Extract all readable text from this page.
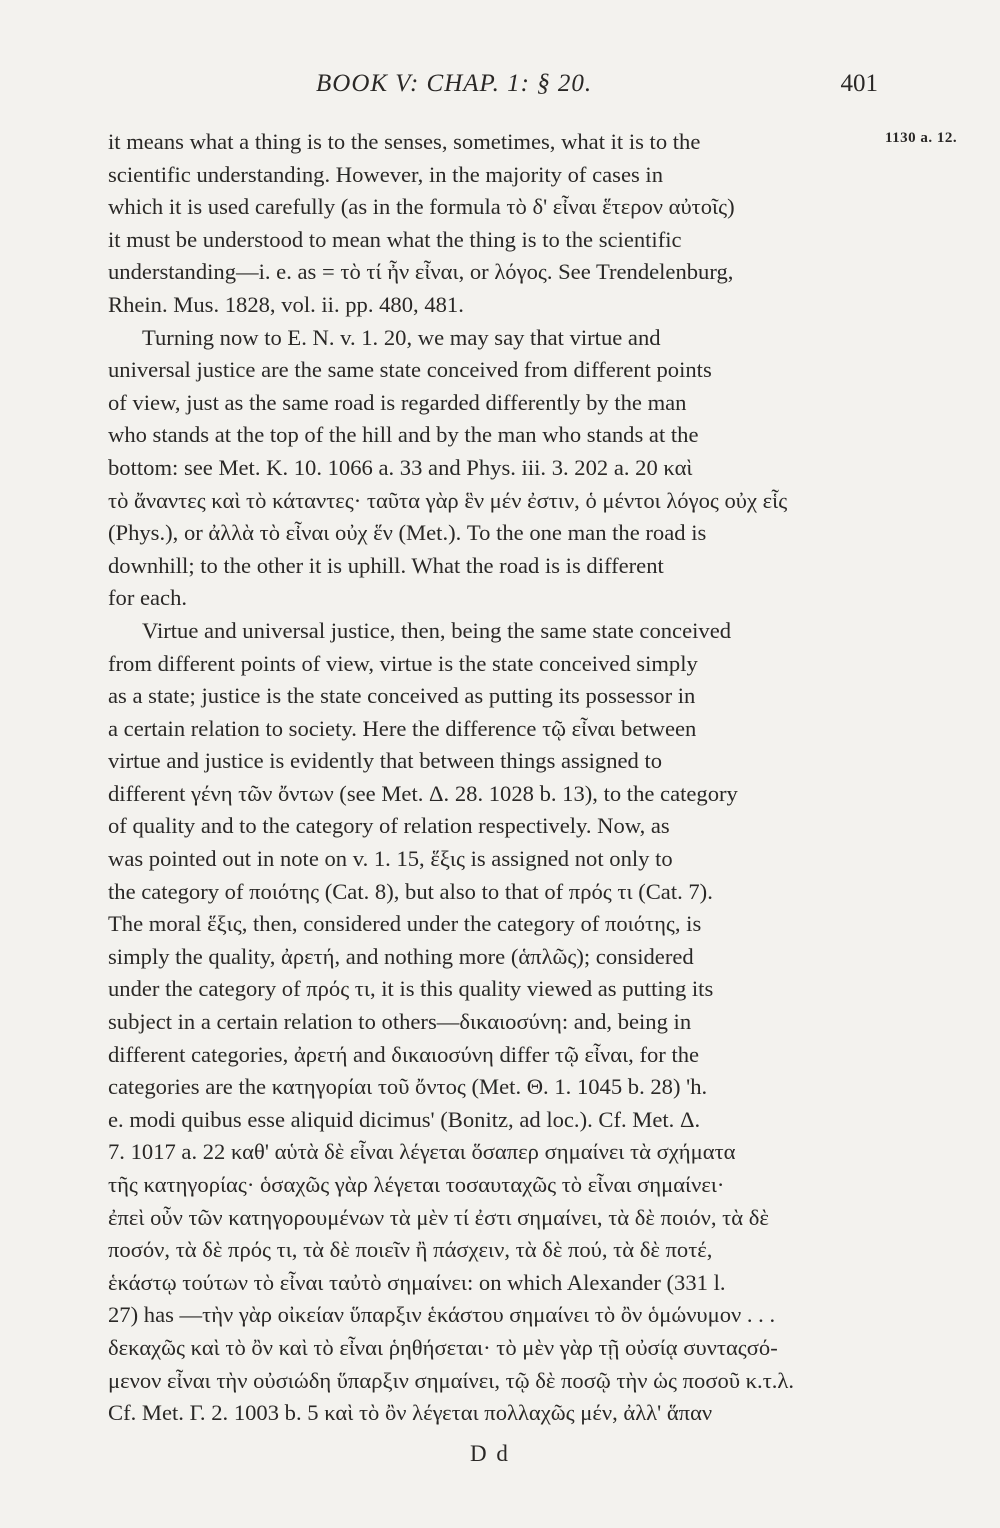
BOOK V: CHAP. 1: § 20.	401
1130 a. 12.
it means what a thing is to the senses, sometimes, what it is to the
scientific understanding. However, in the majority of cases in
which it is used carefully (as in the formula τὸ δ' εἶναι ἕτερον αὐτοῖς)
it must be understood to mean what the thing is to the scientific
understanding—i. e. as = τὸ τί ἦν εἶναι, or λόγος. See Trendelenburg,
Rhein. Mus. 1828, vol. ii. pp. 480, 481.
Turning now to E. N. v. 1. 20, we may say that virtue and
universal justice are the same state conceived from different points
of view, just as the same road is regarded differently by the man
who stands at the top of the hill and by the man who stands at the
bottom: see Met. K. 10. 1066 a. 33 and Phys. iii. 3. 202 a. 20 καὶ
τὸ ἄναντες καὶ τὸ κάταντες· ταῦτα γὰρ ἓν μέν ἐστιν, ὁ μέντοι λόγος οὐχ εἷς
(Phys.), or ἀλλὰ τὸ εἶναι οὐχ ἕν (Met.). To the one man the road is
downhill; to the other it is uphill. What the road is is different
for each.
Virtue and universal justice, then, being the same state conceived
from different points of view, virtue is the state conceived simply
as a state; justice is the state conceived as putting its possessor in
a certain relation to society. Here the difference τῷ εἶναι between
virtue and justice is evidently that between things assigned to
different γένη τῶν ὄντων (see Met. Δ. 28. 1028 b. 13), to the category
of quality and to the category of relation respectively. Now, as
was pointed out in note on v. 1. 15, ἕξις is assigned not only to
the category of ποιότης (Cat. 8), but also to that of πρός τι (Cat. 7).
The moral ἕξις, then, considered under the category of ποιότης, is
simply the quality, ἀρετή, and nothing more (ἁπλῶς); considered
under the category of πρός τι, it is this quality viewed as putting its
subject in a certain relation to others—δικαιοσύνη: and, being in
different categories, ἀρετή and δικαιοσύνη differ τῷ εἶναι, for the
categories are the κατηγορίαι τοῦ ὄντος (Met. Θ. 1. 1045 b. 28) 'h.
e. modi quibus esse aliquid dicimus' (Bonitz, ad loc.). Cf. Met. Δ.
7. 1017 a. 22 καθ' αὑτὰ δὲ εἶναι λέγεται ὅσαπερ σημαίνει τὰ σχήματα
τῆς κατηγορίας· ὁσαχῶς γὰρ λέγεται τοσαυταχῶς τὸ εἶναι σημαίνει·
ἐπεὶ οὖν τῶν κατηγορουμένων τὰ μὲν τί ἐστι σημαίνει, τὰ δὲ ποιόν, τὰ δὲ
ποσόν, τὰ δὲ πρός τι, τὰ δὲ ποιεῖν ἢ πάσχειν, τὰ δὲ πού, τὰ δὲ ποτέ,
ἑκάστῳ τούτων τὸ εἶναι ταὐτὸ σημαίνει: on which Alexander (331 l.
27) has —τὴν γὰρ οἰκείαν ὕπαρξιν ἑκάστου σημαίνει τὸ ὂν ὁμώνυμον . . .
δεκαχῶς καὶ τὸ ὂν καὶ τὸ εἶναι ῥηθήσεται· τὸ μὲν γὰρ τῇ οὐσίᾳ συνταςσό-
μενον εἶναι τὴν οὐσιώδη ὕπαρξιν σημαίνει, τῷ δὲ ποσῷ τὴν ὡς ποσοῦ κ.τ.λ.
Cf. Met. Γ. 2. 1003 b. 5 καὶ τὸ ὂν λέγεται πολλαχῶς μέν, ἀλλ' ἅπαν
D d
